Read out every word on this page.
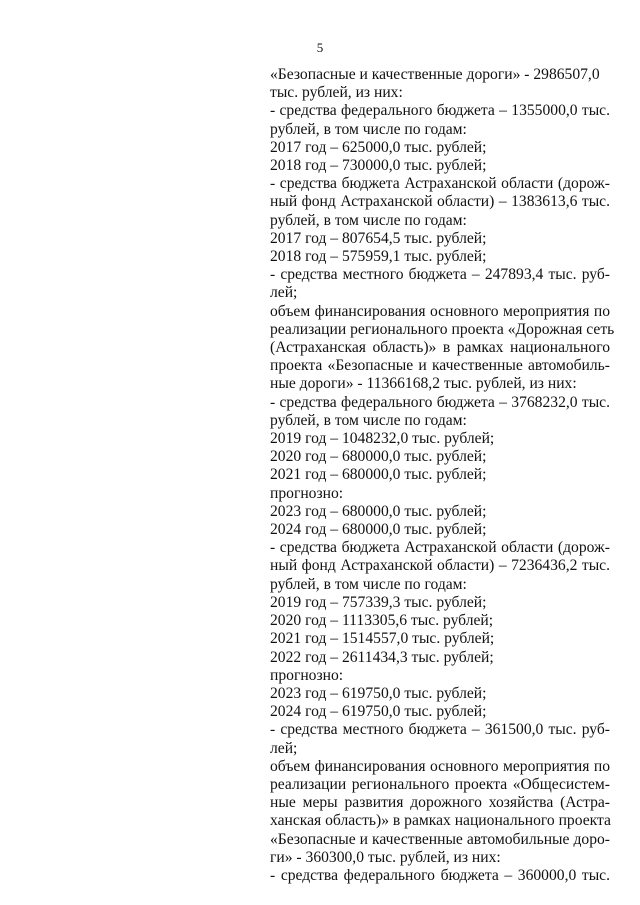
5
«Безопасные и качественные дороги» - 2986507,0
тыс. рублей, из них:
- средства федерального бюджета – 1355000,0 тыс.
рублей, в том числе по годам:
2017 год – 625000,0 тыс. рублей;
2018 год – 730000,0 тыс. рублей;
- средства бюджета Астраханской области (дорож-
ный фонд Астраханской области) – 1383613,6 тыс.
рублей, в том числе по годам:
2017 год – 807654,5 тыс. рублей;
2018 год – 575959,1 тыс. рублей;
- средства местного бюджета – 247893,4 тыс. руб-
лей;
объем финансирования основного мероприятия по
реализации регионального проекта «Дорожная сеть
(Астраханская область)» в рамках национального
проекта «Безопасные и качественные автомобиль-
ные дороги» - 11366168,2 тыс. рублей, из них:
- средства федерального бюджета – 3768232,0 тыс.
рублей, в том числе по годам:
2019 год – 1048232,0 тыс. рублей;
2020 год – 680000,0 тыс. рублей;
2021 год – 680000,0 тыс. рублей;
прогнозно:
2023 год – 680000,0 тыс. рублей;
2024 год – 680000,0 тыс. рублей;
- средства бюджета Астраханской области (дорож-
ный фонд Астраханской области) – 7236436,2 тыс.
рублей, в том числе по годам:
2019 год – 757339,3 тыс. рублей;
2020 год – 1113305,6 тыс. рублей;
2021 год – 1514557,0 тыс. рублей;
2022 год – 2611434,3 тыс. рублей;
прогнозно:
2023 год – 619750,0 тыс. рублей;
2024 год – 619750,0 тыс. рублей;
- средства местного бюджета – 361500,0 тыс. руб-
лей;
объем финансирования основного мероприятия по
реализации регионального проекта «Общесистем-
ные меры развития дорожного хозяйства (Астра-
ханская область)» в рамках национального проекта
«Безопасные и качественные автомобильные доро-
ги» - 360300,0 тыс. рублей, из них:
- средства федерального бюджета – 360000,0 тыс.
